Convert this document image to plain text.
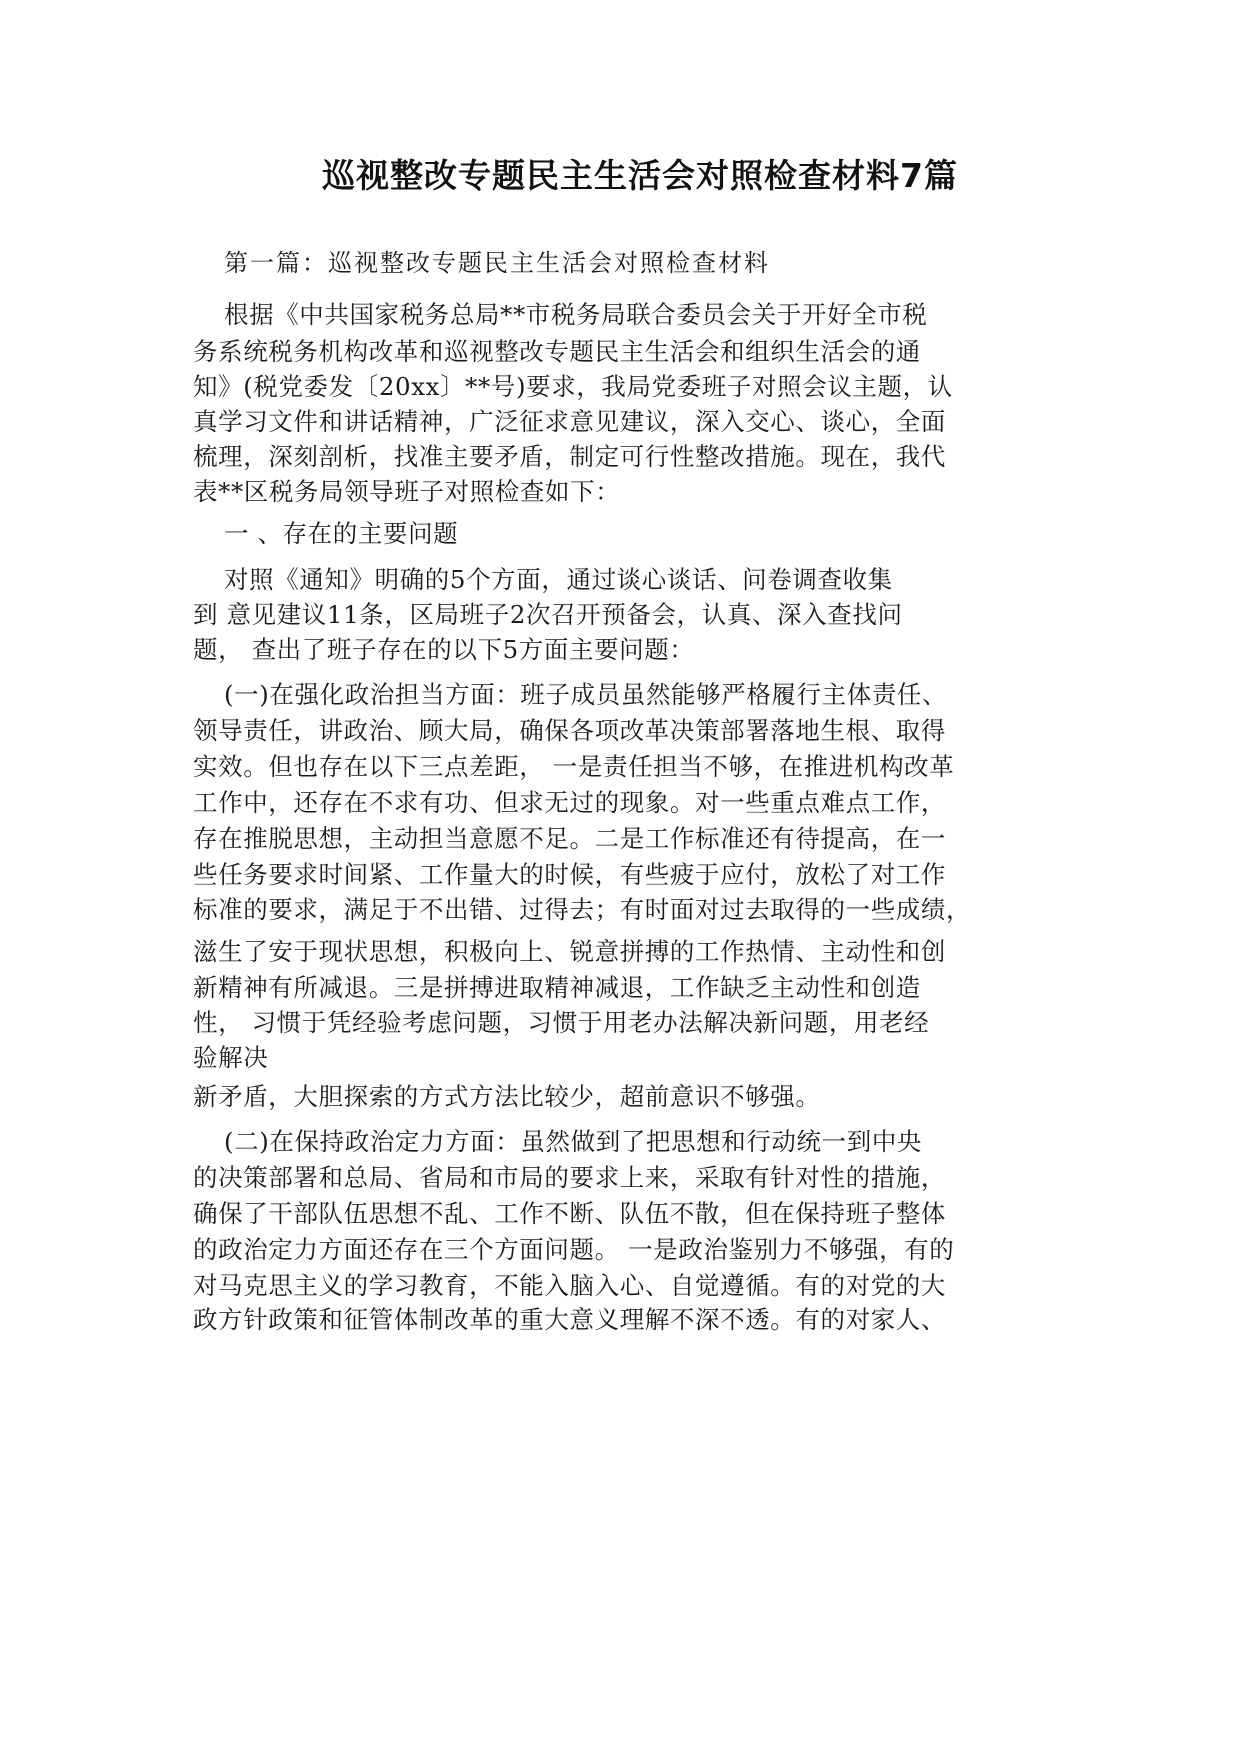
巡视整改专题民主生活会对照检查材料7篇
第一篇：巡视整改专题民主生活会对照检查材料
根据《中共国家税务总局**市税务局联合委员会关于开好全市税
务系统税务机构改革和巡视整改专题民主生活会和组织生活会的通
知》(税党委发〔20xx〕**号)要求，我局党委班子对照会议主题，认
真学习文件和讲话精神，广泛征求意见建议，深入交心、谈心，全面
梳理，深刻剖析，找准主要矛盾，制定可行性整改措施。现在，我代
表**区税务局领导班子对照检查如下：
一 、存在的主要问题
对照《通知》明确的5个方面，通过谈心谈话、问卷调查收集
到 意见建议11条，区局班子2次召开预备会，认真、深入查找问
题， 查出了班子存在的以下5方面主要问题：
(一)在强化政治担当方面：班子成员虽然能够严格履行主体责任、
领导责任，讲政治、顾大局，确保各项改革决策部署落地生根、取得
实效。但也存在以下三点差距， 一是责任担当不够，在推进机构改革
工作中，还存在不求有功、但求无过的现象。对一些重点难点工作，
存在推脱思想，主动担当意愿不足。二是工作标准还有待提高，在一
些任务要求时间紧、工作量大的时候，有些疲于应付，放松了对工作
标准的要求，满足于不出错、过得去；有时面对过去取得的一些成绩，
滋生了安于现状思想，积极向上、锐意拼搏的工作热情、主动性和创
新精神有所减退。三是拼搏进取精神减退，工作缺乏主动性和创造
性， 习惯于凭经验考虑问题，习惯于用老办法解决新问题，用老经
验解决
新矛盾，大胆探索的方式方法比较少，超前意识不够强。
(二)在保持政治定力方面：虽然做到了把思想和行动统一到中央
的决策部署和总局、省局和市局的要求上来，采取有针对性的措施，
确保了干部队伍思想不乱、工作不断、队伍不散，但在保持班子整体
的政治定力方面还存在三个方面问题。 一是政治鉴别力不够强，有的
对马克思主义的学习教育，不能入脑入心、自觉遵循。有的对党的大
政方针政策和征管体制改革的重大意义理解不深不透。有的对家人、
